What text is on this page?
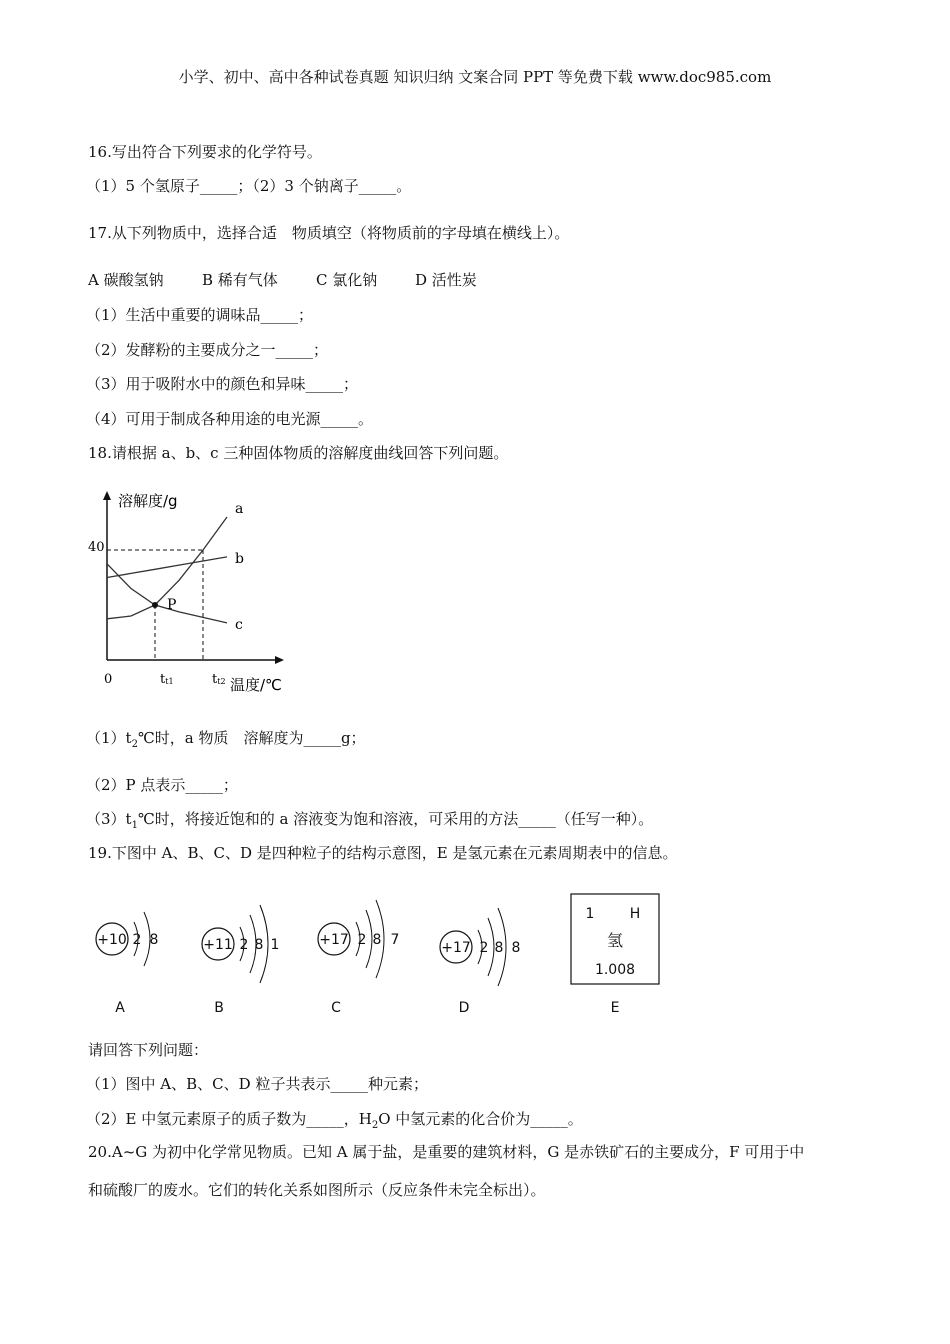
小学、初中、高中各种试卷真题 知识归纳 文案合同 PPT 等免费下载 www.doc985.com
16.写出符合下列要求的化学符号。
（1）5 个氢原子_____；（2）3 个钠离子_____。
17.从下列物质中，选择合适　物质填空（将物质前的字母填在横线上）。
A 碳酸氢钠	B 稀有气体	C 氯化钠	D 活性炭
（1）生活中重要的调味品_____；
（2）发酵粉的主要成分之一_____；
（3）用于吸附水中的颜色和异味_____；
（4）可用于制成各种用途的电光源_____。
18.请根据 a、b、c 三种固体物质的溶解度曲线回答下列问题。
溶解度/g
温度/℃
0
40
a
b
c
P
tt1	tt2
$(1)t_2℃$时，a 物质　溶解度为_____g；
（2）P 点表示_____；
$(3)t_1℃$时，将接近饱和的 a 溶液变为饱和溶液，可采用的方法_____（任写一种）。
19.下图中 A、B、C、D 是四种粒子的结构示意图，E 是氢元素在元素周期表中的信息。
+10 2 8
A
+11 2 8 1
B
+17 2 8 7
C
+17 2 8 8
D
1	H
氢
1.008
E
请回答下列问题：
（1）图中 A、B、C、D 粒子共表示_____种元素；
（2）E 中氢元素原子的质子数为_____，$H_2O$ 中氢元素的化合价为_____。
20.A~G 为初中化学常见物质。已知 A 属于盐，是重要的建筑材料，G 是赤铁矿石的主要成分，F 可用于中
和硫酸厂的废水。它们的转化关系如图所示（反应条件未完全标出）。
